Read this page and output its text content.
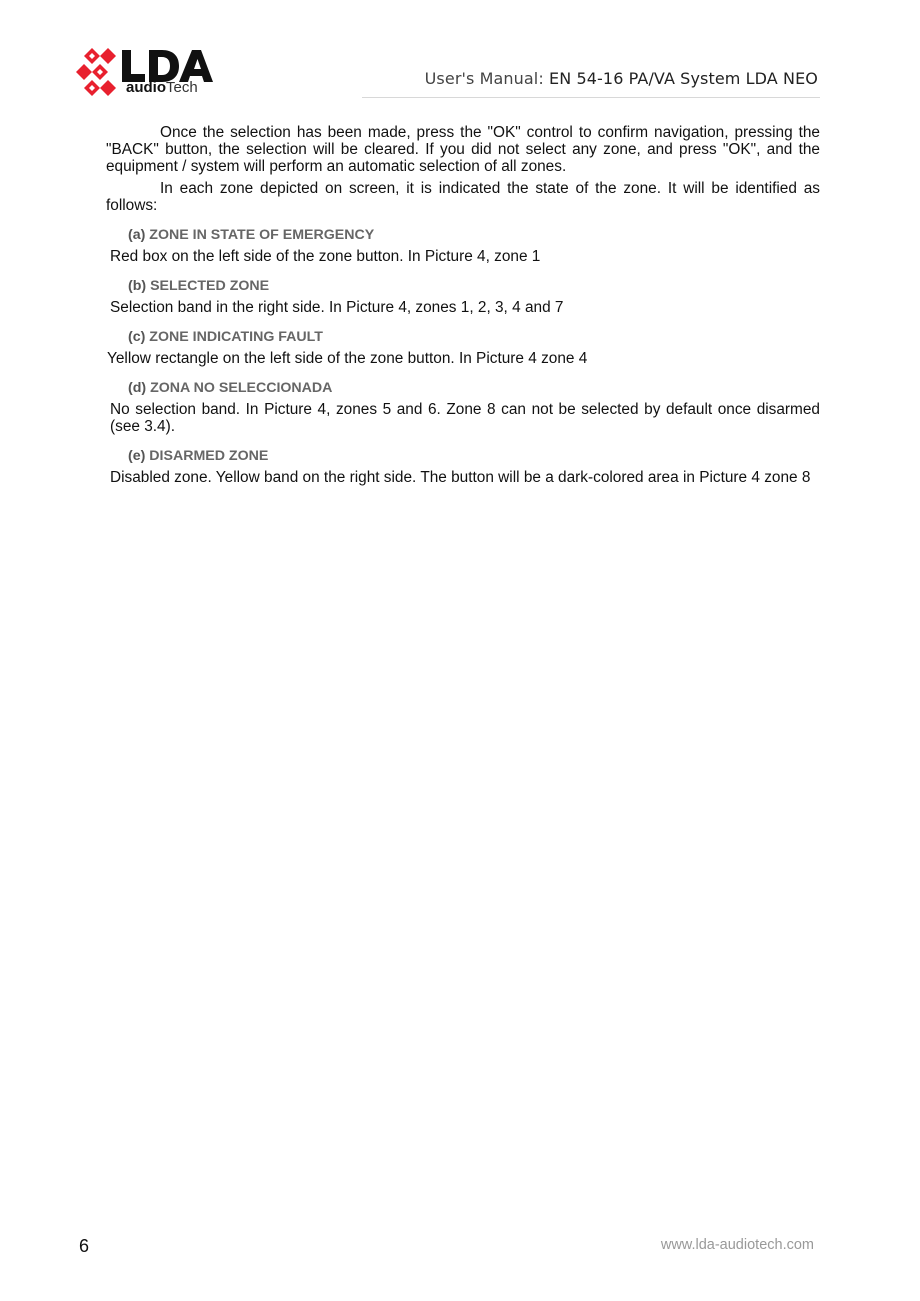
audioTech	User's Manual: EN 54-16 PA/VA System LDA NEO

Once the selection has been made, press the "OK" control to confirm navigation, pressing the "BACK" button, the selection will be cleared. If you did not select any zone, and press "OK", and the equipment / system will perform an automatic selection of all zones.

In each zone depicted on screen, it is indicated the state of the zone. It will be identified as follows:

(a) ZONE IN STATE OF EMERGENCY
Red box on the left side of the zone button. In Picture 4, zone 1
(b) SELECTED ZONE
Selection band in the right side. In Picture 4, zones 1, 2, 3, 4 and 7
(c) ZONE INDICATING FAULT
Yellow rectangle on the left side of the zone button. In Picture 4 zone 4
(d) ZONA NO SELECCIONADA
No selection band. In Picture 4, zones 5 and 6. Zone 8 can not be selected by default once disarmed (see 3.4).
(e) DISARMED ZONE
Disabled zone. Yellow band on the right side. The button will be a dark-colored area in Picture 4 zone 8
6	www.lda-audiotech.com
